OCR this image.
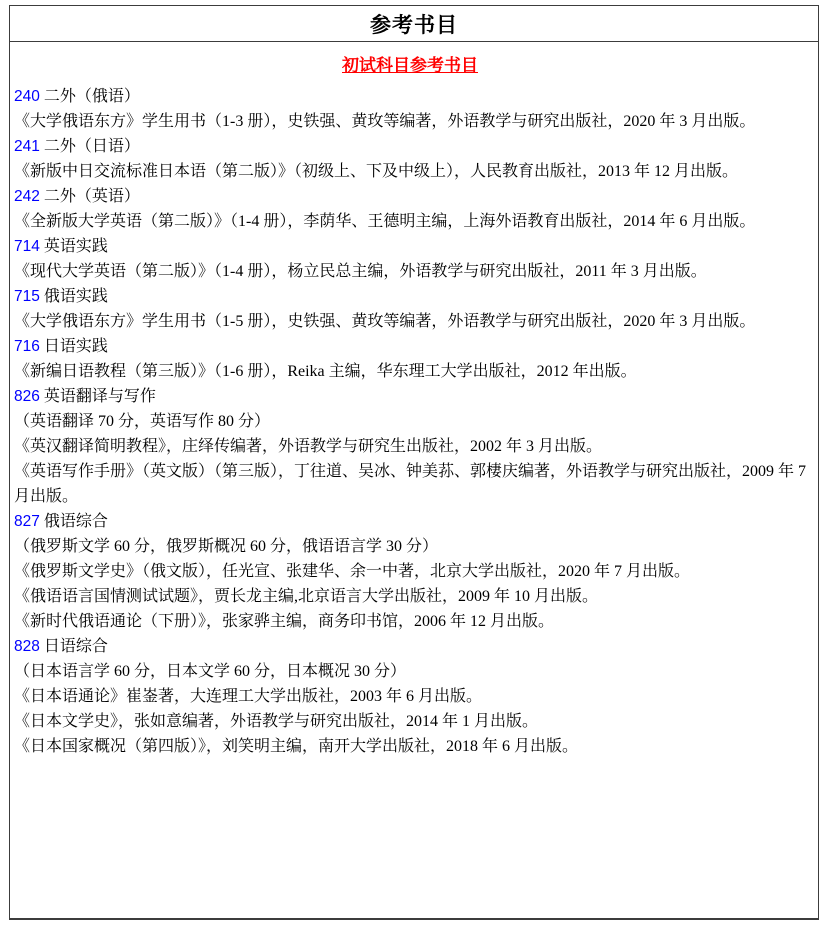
参考书目
初试科目参考书目

240 二外（俄语）

《大学俄语东方》学生用书（1-3 册），史铁强、黄玫等编著，外语教学与研究出版社，2020 年 3 月出版。

241 二外（日语）

《新版中日交流标准日本语（第二版）》（初级上、下及中级上），人民教育出版社，2013 年 12 月出版。

242 二外（英语）

《全新版大学英语（第二版）》（1-4 册），李荫华、王德明主编，上海外语教育出版社，2014 年 6 月出版。

714 英语实践

《现代大学英语（第二版）》（1-4 册），杨立民总主编，外语教学与研究出版社，2011 年 3 月出版。

715 俄语实践

《大学俄语东方》学生用书（1-5 册），史铁强、黄玫等编著，外语教学与研究出版社，2020 年 3 月出版。

716 日语实践

《新编日语教程（第三版）》（1-6 册），Reika 主编，华东理工大学出版社，2012 年出版。

826 英语翻译与写作

（英语翻译 70 分，英语写作 80 分）

《英汉翻译简明教程》，庄绎传编著，外语教学与研究生出版社，2002 年 3 月出版。

《英语写作手册》（英文版）（第三版），丁往道、吴冰、钟美荪、郭棲庆编著，外语教学与研究出版社，2009 年 7 月出版。

827 俄语综合

（俄罗斯文学 60 分，俄罗斯概况 60 分，俄语语言学 30 分）

《俄罗斯文学史》（俄文版），任光宣、张建华、余一中著，北京大学出版社，2020 年 7 月出版。

《俄语语言国情测试试题》，贾长龙主编,北京语言大学出版社，2009 年 10 月出版。

《新时代俄语通论（下册）》，张家骅主编，商务印书馆，2006 年 12 月出版。

828 日语综合

（日本语言学 60 分，日本文学 60 分，日本概况 30 分）

《日本语通论》崔崟著，大连理工大学出版社，2003 年 6 月出版。

《日本文学史》，张如意编著，外语教学与研究出版社，2014 年 1 月出版。

《日本国家概况（第四版）》，刘笑明主编，南开大学出版社，2018 年 6 月出版。
